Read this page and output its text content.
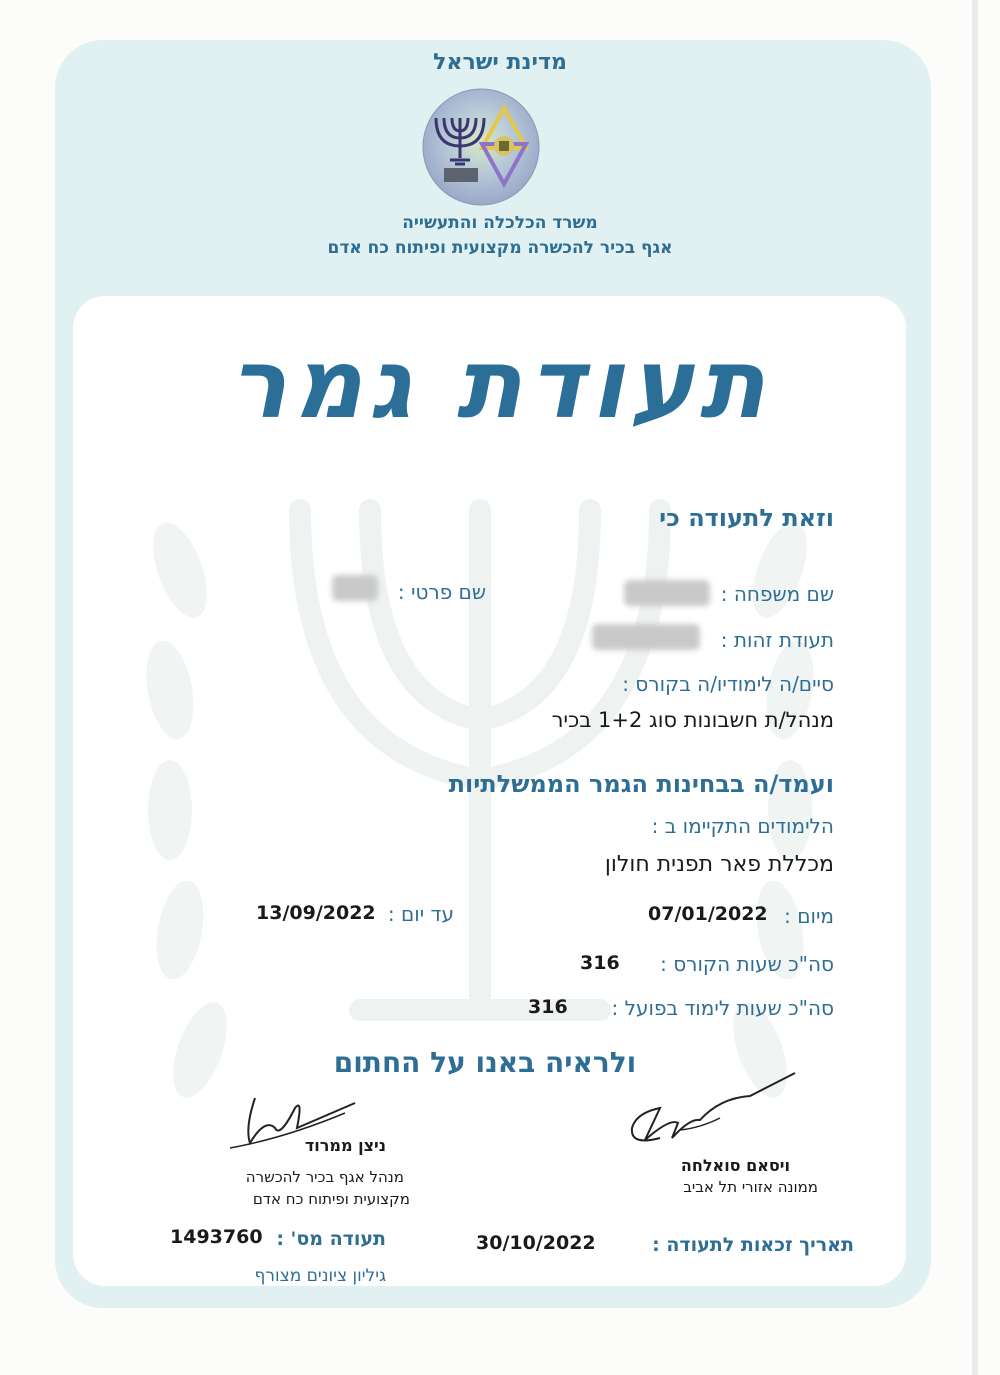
מדינת ישראל
משרד הכלכלה והתעשייה
אגף בכיר להכשרה מקצועית ופיתוח כח אדם
תעודת גמר
וזאת לתעודה כי
שם משפחה :
שם פרטי :
תעודת זהות :
סיים/ה לימודיו/ה בקורס :
מנהל/ת חשבונות סוג 1+2 בכיר
ועמד/ה בבחינות הגמר הממשלתיות
הלימודים התקיימו ב :
מכללת פאר תפנית חולון
מיום :
07/01/2022
עד יום :
13/09/2022
סה"כ שעות הקורס :
316
סה"כ שעות לימוד בפועל :
316
ולראיה באנו על החתום
ויסאם סואלחה
ממונה אזורי תל אביב
ניצן ממרוד
מנהל אגף בכיר להכשרה
מקצועית ופיתוח כח אדם
תאריך זכאות לתעודה :
30/10/2022
תעודה מס' :
1493760
גיליון ציונים מצורף
